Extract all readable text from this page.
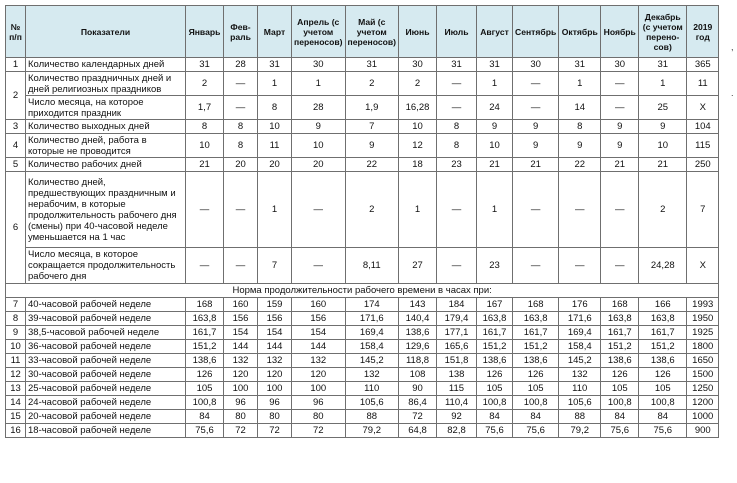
№ п/п	Показатели	Январь	Фев-раль	Март	Апрель (с учетом переносов)	Май (с учетом переносов)	Июнь	Июль	Август	Сентябрь	Октябрь	Ноябрь	Декабрь (с учетом перено-сов)	2019 год
1	Количество календарных дней	31	28	31	30	31	30	31	31	30	31	30	31	365
2	Количество праздничных дней и дней религиозных праздников	2	—	1	1	2	2	—	1	—	1	—	1	11
	Число месяца, на которое приходится праздник	1,7	—	8	28	1,9	16,28	—	24	—	14	—	25	X
3	Количество выходных дней	8	8	10	9	7	10	8	9	9	8	9	9	104
4	Количество дней, работа в которые не проводится	10	8	11	10	9	12	8	10	9	9	9	10	115
5	Количество рабочих дней	21	20	20	20	22	18	23	21	21	22	21	21	250
6	Количество дней, предшествующих праздничным и нерабочим, в которые продолжительность рабочего дня (смены) при 40-часовой неделе уменьшается на 1 час	—	—	1	—	2	1	—	1	—	—	—	2	7
	Число месяца, в которое сокращается продолжительность рабочего дня	—	—	7	—	8,11	27	—	23	—	—	—	24,28	X
Норма продолжительности рабочего времени в часах при:														
7	40-часовой рабочей неделе	168	160	159	160	174	143	184	167	168	176	168	166	1993
8	39-часовой рабочей неделе	163,8	156	156	156	171,6	140,4	179,4	163,8	163,8	171,6	163,8	163,8	1950
9	38,5-часовой рабочей неделе	161,7	154	154	154	169,4	138,6	177,1	161,7	161,7	169,4	161,7	161,7	1925
10	36-часовой рабочей неделе	151,2	144	144	144	158,4	129,6	165,6	151,2	151,2	158,4	151,2	151,2	1800
11	33-часовой рабочей неделе	138,6	132	132	132	145,2	118,8	151,8	138,6	138,6	145,2	138,6	138,6	1650
12	30-часовой рабочей неделе	126	120	120	120	132	108	138	126	126	132	126	126	1500
13	25-часовой рабочей неделе	105	100	100	100	110	90	115	105	105	110	105	105	1250
14	24-часовой рабочей неделе	100,8	96	96	96	105,6	86,4	110,4	100,8	100,8	105,6	100,8	100,8	1200
15	20-часовой рабочей неделе	84	80	80	80	88	72	92	84	84	88	84	84	1000
16	18-часовой рабочей неделе	75,6	72	72	72	79,2	64,8	82,8	75,6	75,6	79,2	75,6	75,6	900
,
.
